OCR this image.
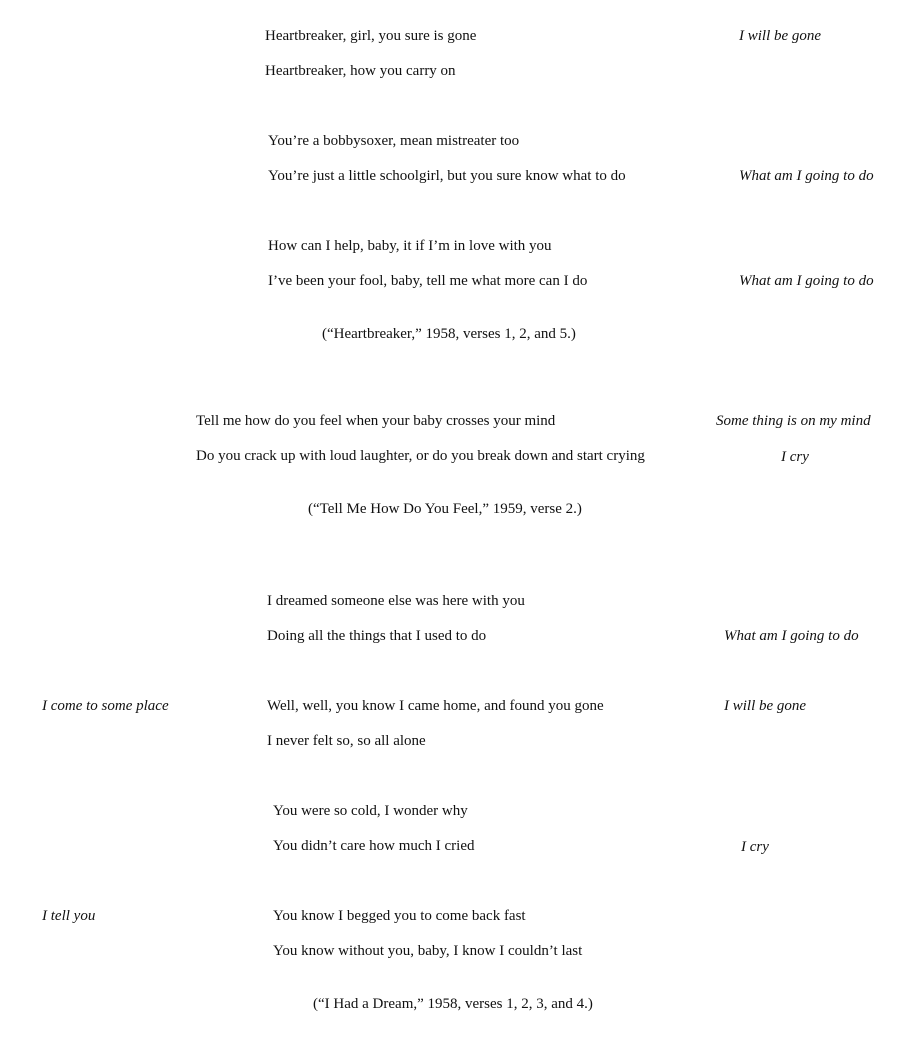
Heartbreaker, girl, you sure is gone	I will be gone
Heartbreaker, how you carry on
You’re a bobbysoxer, mean mistreater too
You’re just a little schoolgirl, but you sure know what to do	What am I going to do
How can I help, baby, it if I’m in love with you
I’ve been your fool, baby, tell me what more can I do	What am I going to do
(“Heartbreaker,” 1958, verses 1, 2, and 5.)
Tell me how do you feel when your baby crosses your mind	Some thing is on my mind
Do you crack up with loud laughter, or do you break down and start crying	I cry
(“Tell Me How Do You Feel,” 1959, verse 2.)
I dreamed someone else was here with you
Doing all the things that I used to do	What am I going to do
I come to some place	Well, well, you know I came home, and found you gone	I will be gone
I never felt so, so all alone
You were so cold, I wonder why
You didn’t care how much I cried	I cry
I tell you	You know I begged you to come back fast
You know without you, baby, I know I couldn’t last
(“I Had a Dream,” 1958, verses 1, 2, 3, and 4.)
